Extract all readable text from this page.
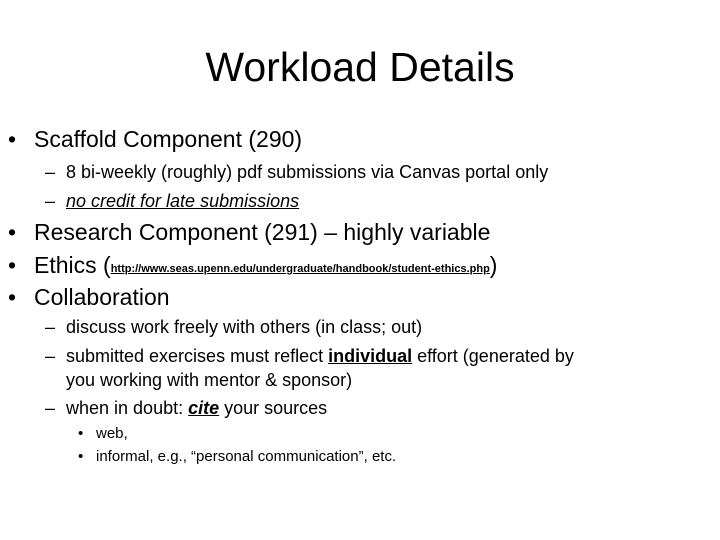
Workload Details
• Scaffold Component (290)
– 8 bi-weekly (roughly) pdf submissions via Canvas portal only
– no credit for late submissions
• Research Component (291) – highly variable
• Ethics (http://www.seas.upenn.edu/undergraduate/handbook/student-ethics.php)
• Collaboration
– discuss work freely with others (in class; out)
– submitted exercises must reflect individual effort (generated by
you working with mentor & sponsor)
– when in doubt: cite your sources
• web,
• informal, e.g., “personal communication”, etc.
